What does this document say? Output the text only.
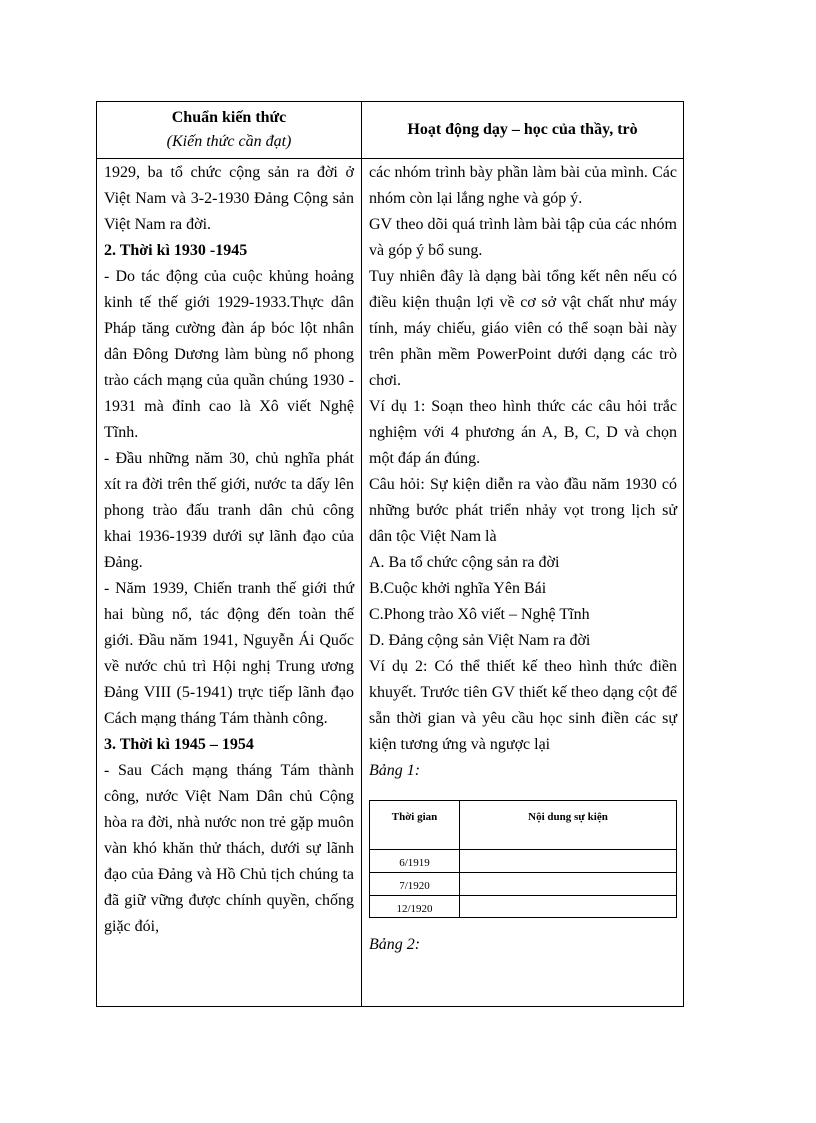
Chuẩn kiến thức
(Kiến thức cần đạt)
Hoạt động dạy – học của thầy, trò

1929, ba tổ chức cộng sản ra đời ở Việt Nam và 3-2-1930 Đảng Cộng sản Việt Nam ra đời.

2. Thời kì 1930 -1945

- Do tác động của cuộc khủng hoảng kinh tế thế giới 1929-1933.Thực dân Pháp tăng cường đàn áp bóc lột nhân dân Đông Dương làm bùng nổ phong trào cách mạng của quần chúng 1930 - 1931 mà đỉnh cao là Xô viết Nghệ Tĩnh.

- Đầu những năm 30, chủ nghĩa phát xít ra đời trên thế giới, nước ta dấy lên phong trào đấu tranh dân chủ công khai 1936-1939 dưới sự lãnh đạo của Đảng.

- Năm 1939, Chiến tranh thế giới thứ hai bùng nổ, tác động đến toàn thế giới. Đầu năm 1941, Nguyễn Ái Quốc về nước chủ trì Hội nghị Trung ương Đảng VIII (5-1941) trực tiếp lãnh đạo Cách mạng tháng Tám thành công.

3. Thời kì 1945 – 1954

- Sau Cách mạng tháng Tám thành công, nước Việt Nam Dân chủ Cộng hòa ra đời, nhà nước non trẻ gặp muôn vàn khó khăn thử thách, dưới sự lãnh đạo của Đảng và Hồ Chủ tịch chúng ta đã giữ vững được chính quyền, chống giặc đói,

các nhóm trình bày phần làm bài của mình. Các nhóm còn lại lắng nghe và góp ý.

GV theo dõi quá trình làm bài tập của các nhóm và góp ý bổ sung.

Tuy nhiên đây là dạng bài tổng kết nên nếu có điều kiện thuận lợi về cơ sở vật chất như máy tính, máy chiếu, giáo viên có thể soạn bài này trên phần mềm PowerPoint dưới dạng các trò chơi.

Ví dụ 1: Soạn theo hình thức các câu hỏi trắc nghiệm với 4 phương án A, B, C, D và chọn một đáp án đúng.

Câu hỏi: Sự kiện diễn ra vào đầu năm 1930 có những bước phát triển nhảy vọt trong lịch sử dân tộc Việt Nam là

A. Ba tổ chức cộng sản ra đời

B.Cuộc khởi nghĩa Yên Bái

C.Phong trào Xô viết – Nghệ Tĩnh

D. Đảng cộng sản Việt Nam ra đời

Ví dụ 2: Có thể thiết kế theo hình thức điền khuyết. Trước tiên GV thiết kế theo dạng cột để sẵn thời gian và yêu cầu học sinh điền các sự kiện tương ứng và ngược lại

Bảng 1:

Thời gian	Nội dung sự kiện
6/1919
7/1920
12/1920

Bảng 2:
